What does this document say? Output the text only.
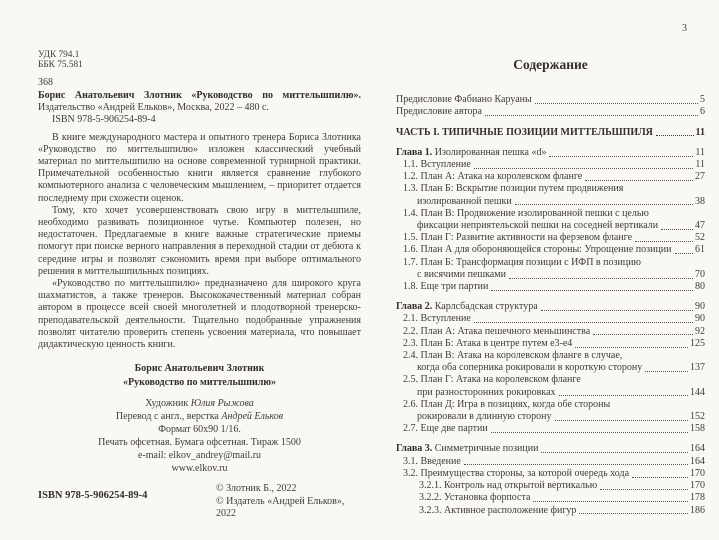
УДК 794.1
ББК 75.581
З68

Борис Анатольевич Злотник «Руководство по миттельшпилю». Издательство «Андрей Ельков», Москва, 2022 – 480 с.

ISBN 978-5-906254-89-4

В книге международного мастера и опытного тренера Бориса Злотника «Руководство по миттельшпилю» изложен классический учебный материал по миттельшпилю на основе современной турнирной практики. Примечательной особенностью книги является сравнение глубокого компьютерного анализа с человеческим мышлением, – приоритет отдается последнему при схожести оценок.

Тому, кто хочет усовершенствовать свою игру в миттельшпиле, необходимо развивать позиционное чутье. Компьютер полезен, но недостаточен. Предлагаемые в книге важные стратегические приемы помогут при поиске верного направления в переходной стадии от дебюта к середине игры и позволят сэкономить время при выборе оптимального решения в миттельшпильных позициях.

«Руководство по миттельшпилю» предназначено для широкого круга шахматистов, а также тренеров. Высококачественный материал собран автором в процессе всей своей многолетней и плодотворной тренерско-преподавательской деятельности. Тщательно подобранные упражнения позволят читателю проверить степень усвоения материала, что повышает дидактическую ценность книги.

Борис Анатольевич Злотник
«Руководство по миттельшпилю»
Художник Юлия Рыжова
Перевод с англ., верстка Андрей Ельков
Формат 60х90 1/16.
Печать офсетная. Бумага офсетная. Тираж 1500
e-mail: elkov_andrey@mail.ru
www.elkov.ru
ISBN 978-5-906254-89-4
© Злотник Б., 2022
© Издатель «Андрей Ельков», 2022
3
Содержание
Предисловие Фабиано Каруаны	5
Предисловие автора	6
ЧАСТЬ I. ТИПИЧНЫЕ ПОЗИЦИИ МИТТЕЛЬШПИЛЯ	11
Глава 1. Изолированная пешка «d»	11
1.1. Вступление	11
1.2. План А: Атака на королевском фланге	27
1.3. План Б: Вскрытие позиции путем продвижения
изолированной пешки	38
1.4. План В: Продвижение изолированной пешки с целью
фиксации неприятельской пешки на соседней вертикали	47
1.5. План Г: Развитие активности на ферзевом фланге	52
1.6. План А для обороняющейся стороны: Упрощение позиции 61
1.7. План Б: Трансформация позиции с ИФП в позицию
с висячими пешками	70
1.8. Еще три партии	80
Глава 2. Карлсбадская структура	90
2.1. Вступление	90
2.2. План А: Атака пешечного меньшинства	92
2.3. План Б: Атака в центре путем е3-е4	125
2.4. План В: Атака на королевском фланге в случае,
когда оба соперника рокировали в короткую сторону	137
2.5. План Г: Атака на королевском фланге
при разносторонних рокировках	144
2.6. План Д: Игра в позициях, когда обе стороны
рокировали в длинную сторону	152
2.7. Еще две партии	158
Глава 3. Симметричные позиции	164
3.1. Введение	164
3.2. Преимущества стороны, за которой очередь хода	170
3.2.1. Контроль над открытой вертикалью	170
3.2.2. Установка форпоста	178
3.2.3. Активное расположение фигур	186
